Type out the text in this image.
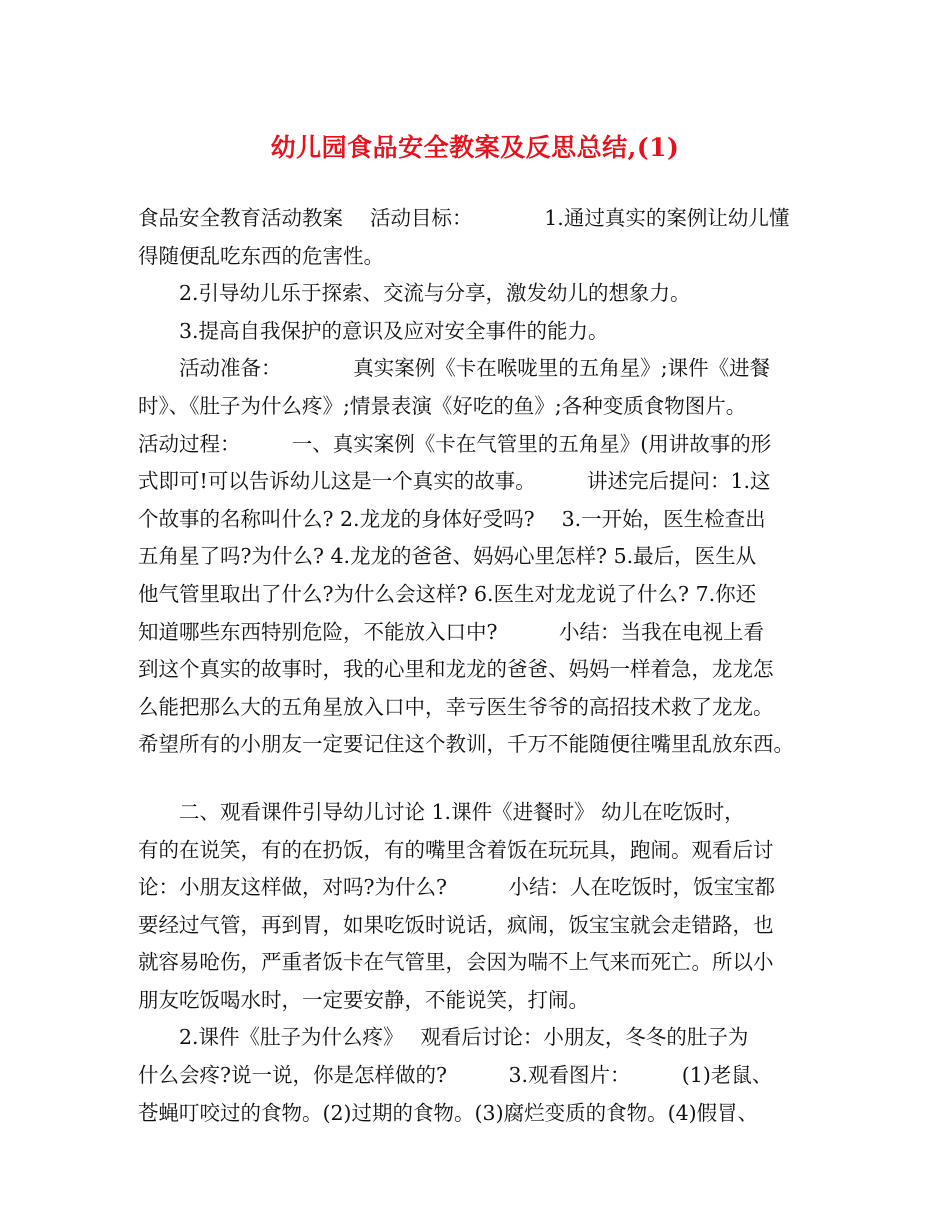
幼儿园食品安全教案及反思总结,(1)
食品安全教育活动教案　 活动目标：　　　　1.通过真实的案例让幼儿懂
得随便乱吃东西的危害性。
　　2.引导幼儿乐于探索、交流与分享，激发幼儿的想象力。
　　3.提高自我保护的意识及应对安全事件的能力。
　　活动准备：　　　　真实案例《卡在喉咙里的五角星》;课件《进餐
时》、《肚子为什么疼》;情景表演《好吃的鱼》;各种变质食物图片。
活动过程：　　　一、真实案例《卡在气管里的五角星》(用讲故事的形
式即可!可以告诉幼儿这是一个真实的故事。　　　讲述完后提问：1.这
个故事的名称叫什么? 2.龙龙的身体好受吗?　 3.一开始，医生检查出
五角星了吗?为什么? 4.龙龙的爸爸、妈妈心里怎样? 5.最后，医生从
他气管里取出了什么?为什么会这样? 6.医生对龙龙说了什么? 7.你还
知道哪些东西特别危险，不能放入口中?　　　小结：当我在电视上看
到这个真实的故事时，我的心里和龙龙的爸爸、妈妈一样着急，龙龙怎
么能把那么大的五角星放入口中，幸亏医生爷爷的高招技术救了龙龙。
希望所有的小朋友一定要记住这个教训，千万不能随便往嘴里乱放东西。
　　二、观看课件引导幼儿讨论 1.课件《进餐时》 幼儿在吃饭时，
有的在说笑，有的在扔饭，有的嘴里含着饭在玩玩具，跑闹。观看后讨
论：小朋友这样做，对吗?为什么?　　　小结：人在吃饭时，饭宝宝都
要经过气管，再到胃，如果吃饭时说话，疯闹，饭宝宝就会走错路，也
就容易呛伤，严重者饭卡在气管里，会因为喘不上气来而死亡。所以小
朋友吃饭喝水时，一定要安静，不能说笑，打闹。
　　2.课件《肚子为什么疼》　 观看后讨论：小朋友，冬冬的肚子为
什么会疼?说一说，你是怎样做的?　　　3.观看图片：　　　(1)老鼠、
苍蝇叮咬过的食物。(2)过期的食物。(3)腐烂变质的食物。(4)假冒、
